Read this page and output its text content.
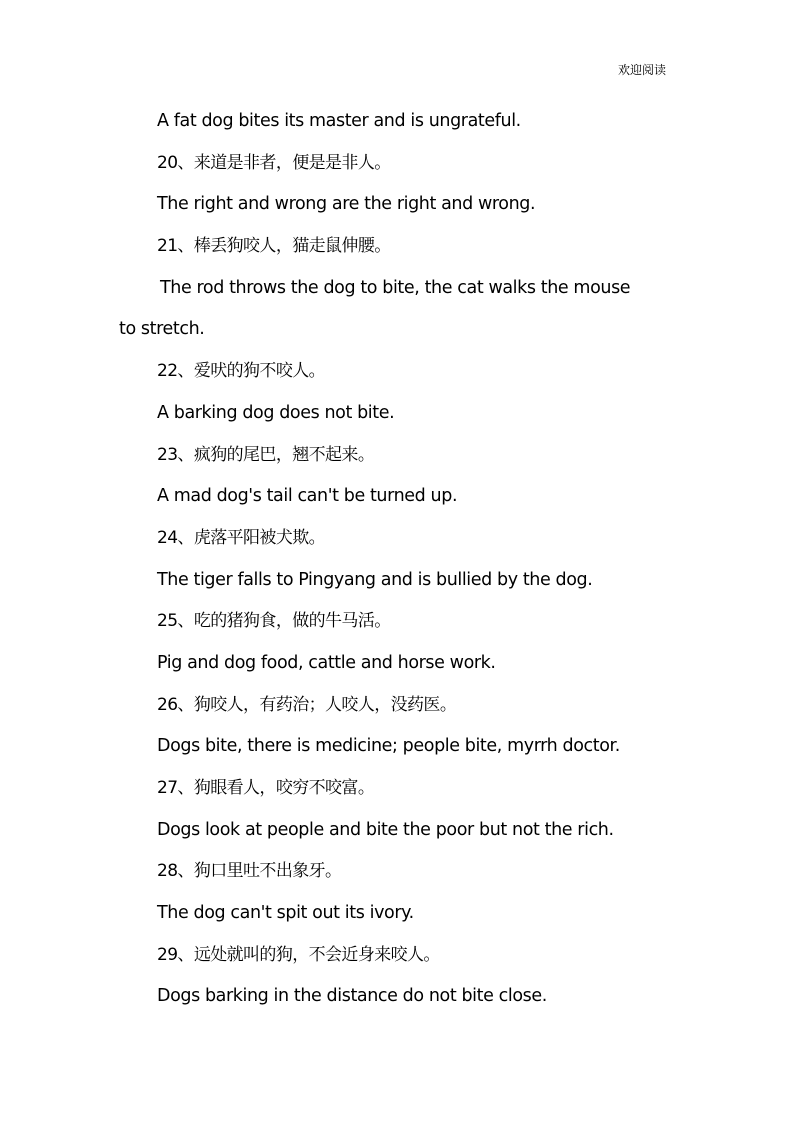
欢迎阅读
A fat dog bites its master and is ungrateful.
20、来道是非者，便是是非人。
The right and wrong are the right and wrong.
21、棒丢狗咬人，猫走鼠伸腰。
The rod throws the dog to bite, the cat walks the mouse
to stretch.
22、爱吠的狗不咬人。
A barking dog does not bite.
23、疯狗的尾巴，翘不起来。
A mad dog's tail can't be turned up.
24、虎落平阳被犬欺。
The tiger falls to Pingyang and is bullied by the dog.
25、吃的猪狗食，做的牛马活。
Pig and dog food, cattle and horse work.
26、狗咬人，有药治；人咬人，没药医。
Dogs bite, there is medicine; people bite, myrrh doctor.
27、狗眼看人，咬穷不咬富。
Dogs look at people and bite the poor but not the rich.
28、狗口里吐不出象牙。
The dog can't spit out its ivory.
29、远处就叫的狗，不会近身来咬人。
Dogs barking in the distance do not bite close.
